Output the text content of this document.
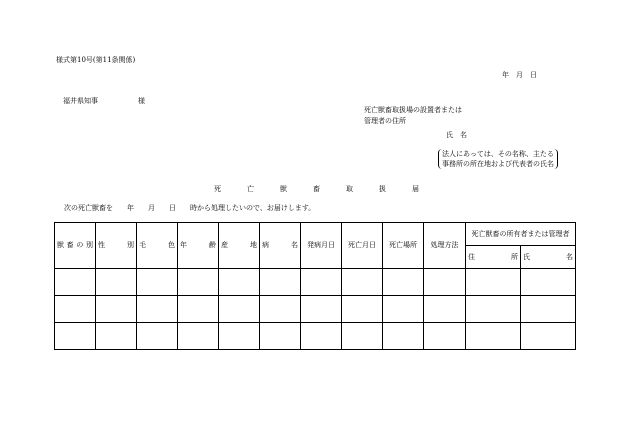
様式第10号(第11条関係)
年　月　日
福井県知事	様
死亡獣畜取扱場の設置者または
管理者の住所
氏　名
法人にあっては、その名称、主たる
事務所の所在地および代表者の氏名
死亡獣畜取扱届
次の死亡獣畜を　　年　　月　　日　　時から処理したいので、お届けします。
獣畜の別	性別	毛色	年齢	産地	病名	発病月日	死亡月日	死亡場所	処理方法	死亡獣畜の所有者または管理者	
										住所	氏名
